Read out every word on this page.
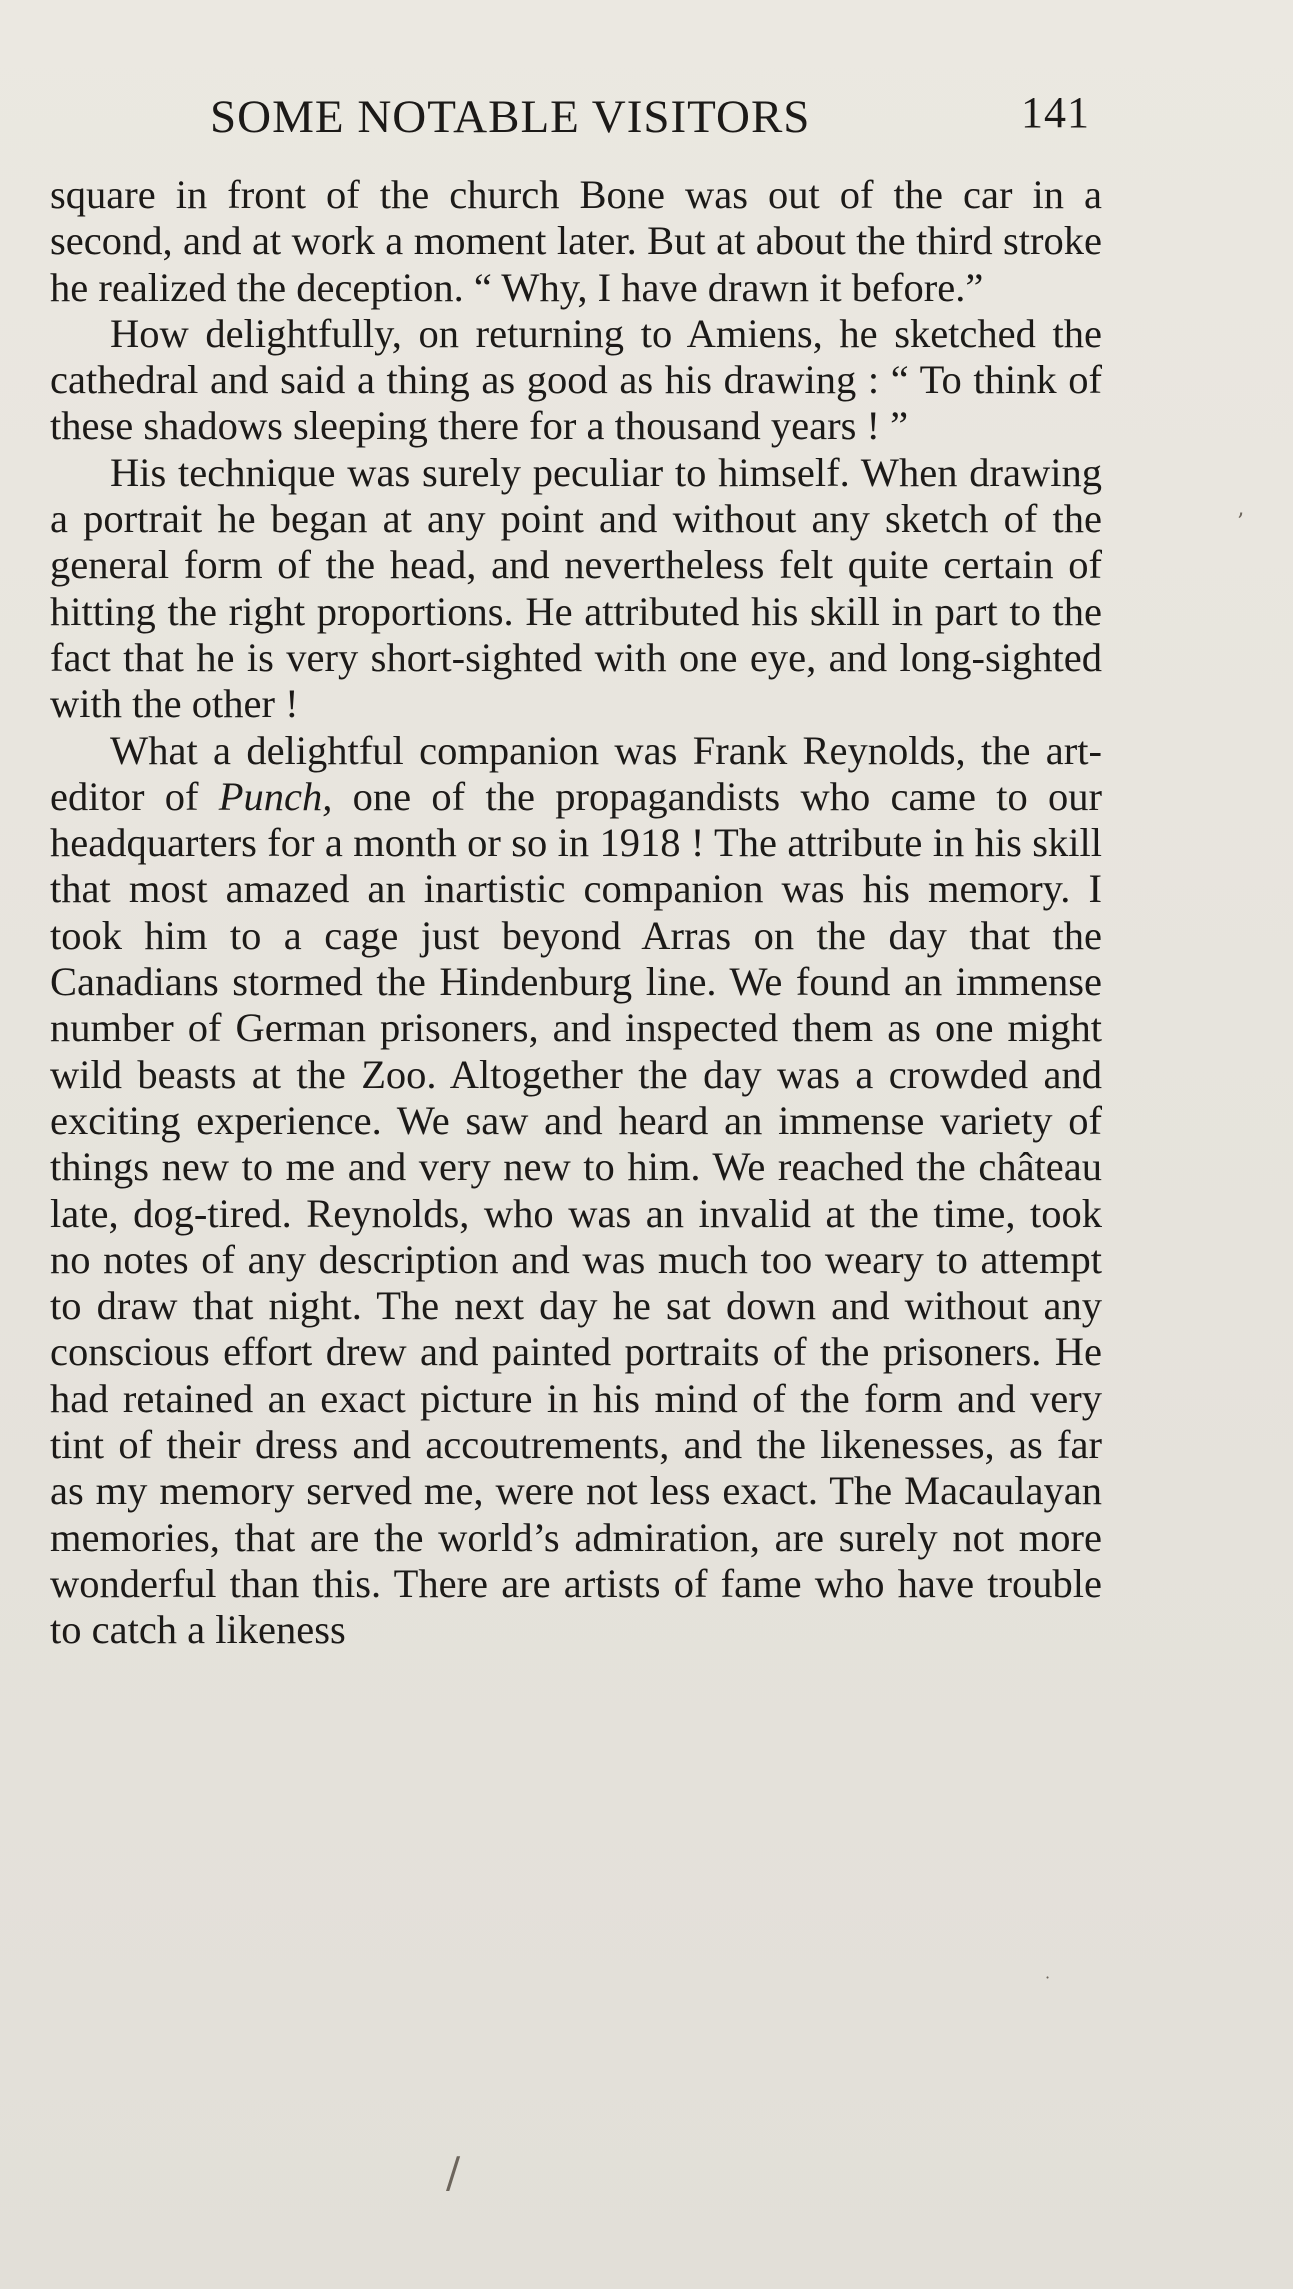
SOME NOTABLE VISITORS	141

square in front of the church Bone was out of the car in a second, and at work a moment later. But at about the third stroke he realized the deception. “ Why, I have drawn it before.”

How delightfully, on returning to Amiens, he sketched the cathedral and said a thing as good as his drawing : “ To think of these shadows sleeping there for a thousand years ! ”

His technique was surely peculiar to himself. When drawing a portrait he began at any point and without any sketch of the general form of the head, and nevertheless felt quite certain of hitting the right proportions. He attributed his skill in part to the fact that he is very short-sighted with one eye, and long-sighted with the other !

What a delightful companion was Frank Reynolds, the art-editor of Punch, one of the propagandists who came to our headquarters for a month or so in 1918 ! The attribute in his skill that most amazed an inartistic companion was his memory. I took him to a cage just beyond Arras on the day that the Canadians stormed the Hindenburg line. We found an immense number of German prisoners, and inspected them as one might wild beasts at the Zoo. Altogether the day was a crowded and exciting experience. We saw and heard an immense variety of things new to me and very new to him. We reached the château late, dog-tired. Reynolds, who was an invalid at the time, took no notes of any description and was much too weary to attempt to draw that night. The next day he sat down and without any conscious effort drew and painted portraits of the prisoners. He had retained an exact picture in his mind of the form and very tint of their dress and accoutrements, and the likenesses, as far as my memory served me, were not less exact. The Macaulayan memories, that are the world’s admiration, are surely not more wonderful than this. There are artists of fame who have trouble to catch a likeness

/
’
·
